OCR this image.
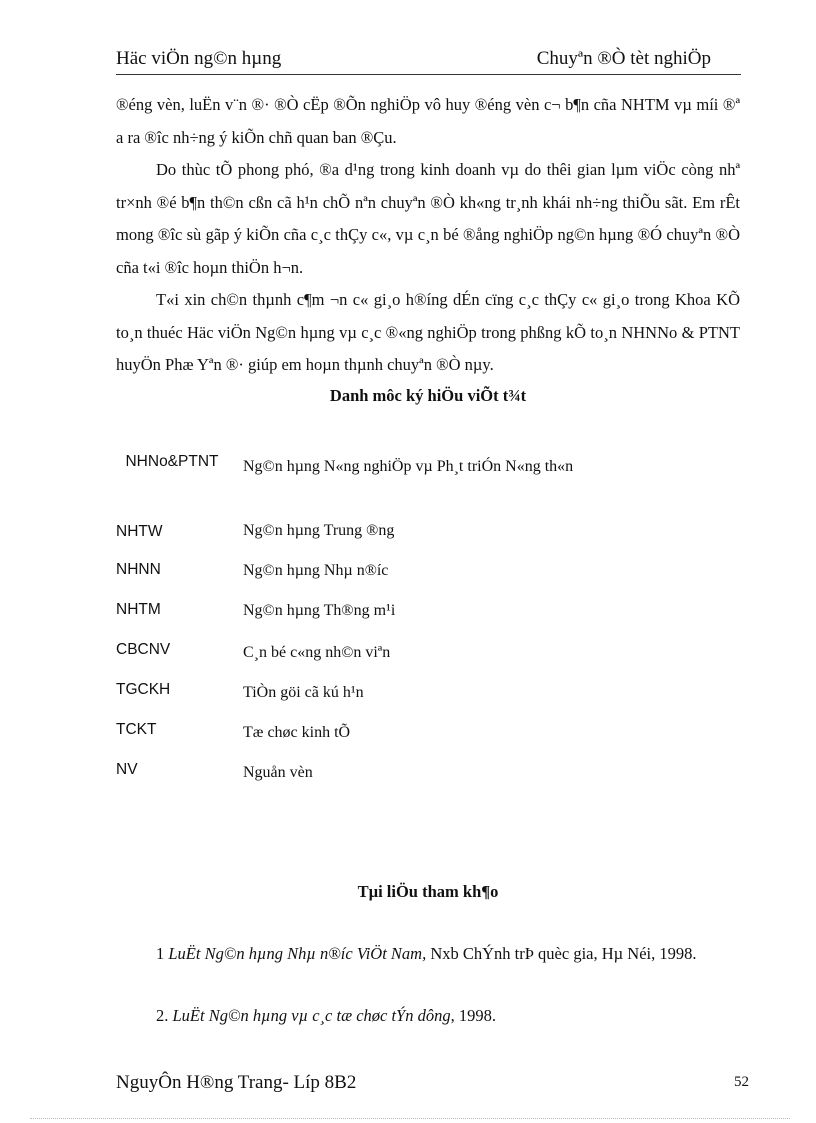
Häc viÖn ng©n hµng	Chuyªn ®Ò tèt nghiÖp

®éng vèn, luËn v¨n ®· ®Ò cËp ®Õn nghiÖp vô huy ®éng vèn c¬ b¶n cña NHTM vµ míi ®ª a ra ®îc nh÷ng ý kiÕn chñ quan ban ®Çu.

Do thùc tÕ phong phó, ®a d¹ng trong kinh doanh vµ do thêi gian lµm viÖc còng nhª tr×nh ®é b¶n th©n cßn cã h¹n chÕ nªn chuyªn ®Ò kh«ng tr¸nh khái nh÷ng thiÕu sãt. Em rÊt mong ®îc sù gãp ý kiÕn cña c¸c thÇy c«, vµ c¸n bé ®ång nghiÖp ng©n hµng ®Ó chuyªn ®Ò cña t«i ®îc hoµn thiÖn h¬n.

T«i xin ch©n thµnh c¶m ¬n c« gi¸o h®íng dÉn cïng c¸c thÇy c« gi¸o trong Khoa KÕ to¸n thuéc Häc viÖn Ng©n hµng vµ c¸c ®«ng nghiÖp trong phßng kÕ to¸n NHNNo & PTNT huyÖn Phæ Yªn ®· giúp em hoµn thµnh chuyªn ®Ò nµy.

Danh môc ký hiÖu viÕt t¾t
NHNo&PTNT	Ng©n hµng N«ng nghiÖp vµ Ph¸t triÓn N«ng th«n
NHTW	Ng©n hµng Trung ®ng
NHNN	Ng©n hµng Nhµ n®íc
NHTM	Ng©n hµng Th®ng m¹i
CBCNV	C¸n bé c«ng nh©n viªn
TGCKH	TiÒn göi cã kú h¹n
TCKT	Tæ chøc kinh tÕ
NV	Nguån vèn
Tµi liÖu tham kh¶o

1 LuËt Ng©n hµng Nhµ n®íc ViÖt Nam, Nxb ChÝnh trÞ quèc gia, Hµ Néi, 1998.

2. LuËt Ng©n hµng vµ c¸c tæ chøc tÝn dông, 1998.

NguyÔn H®ng Trang- Líp 8B2	52
